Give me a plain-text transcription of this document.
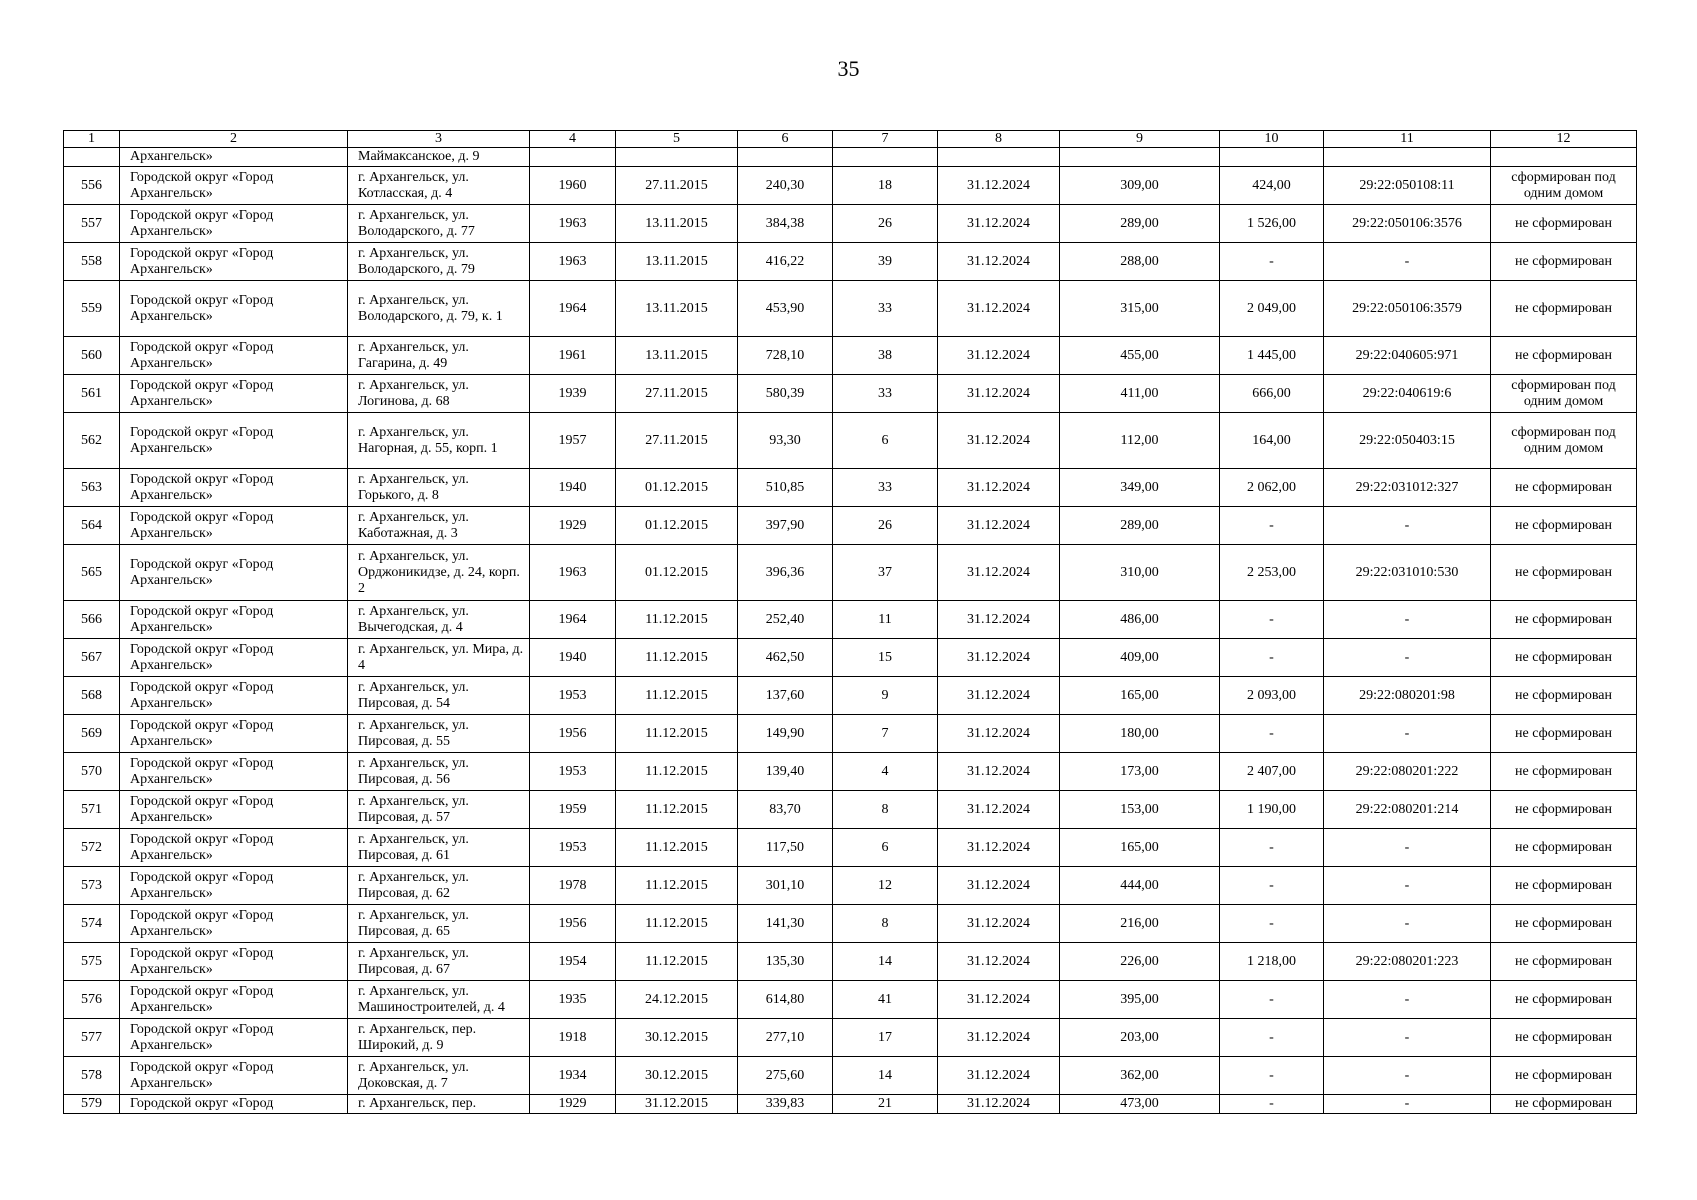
35
1	2	3	4	5	6	7	8	9	10	11	12
	Архангельск»	Маймаксанское, д. 9									
556	Городской округ «Город Архангельск»	г. Архангельск, ул. Котласская, д. 4	1960	27.11.2015	240,30	18	31.12.2024	309,00	424,00	29:22:050108:11	сформирован под одним домом
557	Городской округ «Город Архангельск»	г. Архангельск, ул. Володарского, д. 77	1963	13.11.2015	384,38	26	31.12.2024	289,00	1 526,00	29:22:050106:3576	не сформирован
558	Городской округ «Город Архангельск»	г. Архангельск, ул. Володарского, д. 79	1963	13.11.2015	416,22	39	31.12.2024	288,00	-	-	не сформирован
559	Городской округ «Город Архангельск»	г. Архангельск, ул. Володарского, д. 79, к. 1	1964	13.11.2015	453,90	33	31.12.2024	315,00	2 049,00	29:22:050106:3579	не сформирован
560	Городской округ «Город Архангельск»	г. Архангельск, ул. Гагарина, д. 49	1961	13.11.2015	728,10	38	31.12.2024	455,00	1 445,00	29:22:040605:971	не сформирован
561	Городской округ «Город Архангельск»	г. Архангельск, ул. Логинова, д. 68	1939	27.11.2015	580,39	33	31.12.2024	411,00	666,00	29:22:040619:6	сформирован под одним домом
562	Городской округ «Город Архангельск»	г. Архангельск, ул. Нагорная, д. 55, корп. 1	1957	27.11.2015	93,30	6	31.12.2024	112,00	164,00	29:22:050403:15	сформирован под одним домом
563	Городской округ «Город Архангельск»	г. Архангельск, ул. Горького, д. 8	1940	01.12.2015	510,85	33	31.12.2024	349,00	2 062,00	29:22:031012:327	не сформирован
564	Городской округ «Город Архангельск»	г. Архангельск, ул. Каботажная, д. 3	1929	01.12.2015	397,90	26	31.12.2024	289,00	-	-	не сформирован
565	Городской округ «Город Архангельск»	г. Архангельск, ул. Орджоникидзе, д. 24, корп. 2	1963	01.12.2015	396,36	37	31.12.2024	310,00	2 253,00	29:22:031010:530	не сформирован
566	Городской округ «Город Архангельск»	г. Архангельск, ул. Вычегодская, д. 4	1964	11.12.2015	252,40	11	31.12.2024	486,00	-	-	не сформирован
567	Городской округ «Город Архангельск»	г. Архангельск, ул. Мира, д. 4	1940	11.12.2015	462,50	15	31.12.2024	409,00	-	-	не сформирован
568	Городской округ «Город Архангельск»	г. Архангельск, ул. Пирсовая, д. 54	1953	11.12.2015	137,60	9	31.12.2024	165,00	2 093,00	29:22:080201:98	не сформирован
569	Городской округ «Город Архангельск»	г. Архангельск, ул. Пирсовая, д. 55	1956	11.12.2015	149,90	7	31.12.2024	180,00	-	-	не сформирован
570	Городской округ «Город Архангельск»	г. Архангельск, ул. Пирсовая, д. 56	1953	11.12.2015	139,40	4	31.12.2024	173,00	2 407,00	29:22:080201:222	не сформирован
571	Городской округ «Город Архангельск»	г. Архангельск, ул. Пирсовая, д. 57	1959	11.12.2015	83,70	8	31.12.2024	153,00	1 190,00	29:22:080201:214	не сформирован
572	Городской округ «Город Архангельск»	г. Архангельск, ул. Пирсовая, д. 61	1953	11.12.2015	117,50	6	31.12.2024	165,00	-	-	не сформирован
573	Городской округ «Город Архангельск»	г. Архангельск, ул. Пирсовая, д. 62	1978	11.12.2015	301,10	12	31.12.2024	444,00	-	-	не сформирован
574	Городской округ «Город Архангельск»	г. Архангельск, ул. Пирсовая, д. 65	1956	11.12.2015	141,30	8	31.12.2024	216,00	-	-	не сформирован
575	Городской округ «Город Архангельск»	г. Архангельск, ул. Пирсовая, д. 67	1954	11.12.2015	135,30	14	31.12.2024	226,00	1 218,00	29:22:080201:223	не сформирован
576	Городской округ «Город Архангельск»	г. Архангельск, ул. Машиностроителей, д. 4	1935	24.12.2015	614,80	41	31.12.2024	395,00	-	-	не сформирован
577	Городской округ «Город Архангельск»	г. Архангельск, пер. Широкий, д. 9	1918	30.12.2015	277,10	17	31.12.2024	203,00	-	-	не сформирован
578	Городской округ «Город Архангельск»	г. Архангельск, ул. Доковская, д. 7	1934	30.12.2015	275,60	14	31.12.2024	362,00	-	-	не сформирован
579	Городской округ «Город	г. Архангельск, пер.	1929	31.12.2015	339,83	21	31.12.2024	473,00	-	-	не сформирован
